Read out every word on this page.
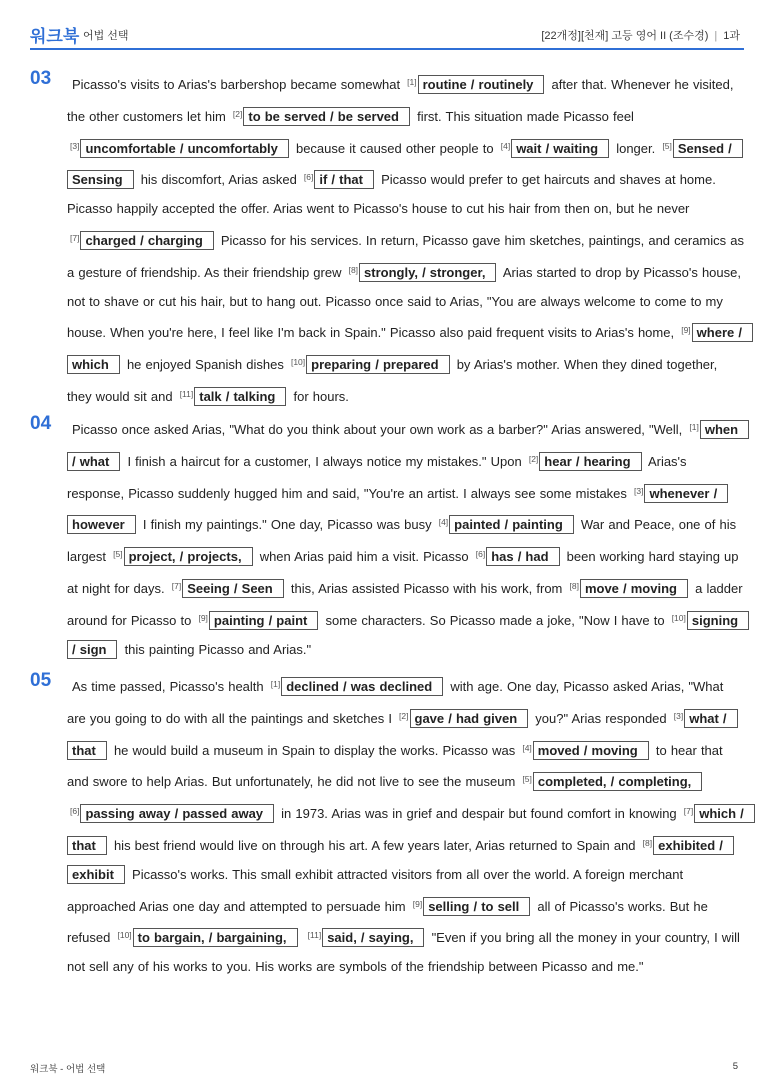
워크북 어법 선택	[22개정][천재] 고등 영어 II (조수경) | 1과
03	Picasso's visits to Arias's barbershop became somewhat [1] routine / routinely after that. Whenever he visited, the other customers let him [2] to be served / be served first. This situation made Picasso feel [3] uncomfortable / uncomfortably because it caused other people to [4] wait / waiting longer. [5] Sensed / Sensing his discomfort, Arias asked [6] if / that Picasso would prefer to get haircuts and shaves at home. Picasso happily accepted the offer. Arias went to Picasso's house to cut his hair from then on, but he never [7] charged / charging Picasso for his services. In return, Picasso gave him sketches, paintings, and ceramics as a gesture of friendship. As their friendship grew [8] strongly, / stronger, Arias started to drop by Picasso's house, not to shave or cut his hair, but to hang out. Picasso once said to Arias, "You are always welcome to come to my house. When you're here, I feel like I'm back in Spain." Picasso also paid frequent visits to Arias's home, [9] where / which he enjoyed Spanish dishes [10] preparing / prepared by Arias's mother. When they dined together, they would sit and [11] talk / talking for hours.
04	Picasso once asked Arias, "What do you think about your own work as a barber?" Arias answered, "Well, [1] when / what I finish a haircut for a customer, I always notice my mistakes." Upon [2] hear / hearing Arias's response, Picasso suddenly hugged him and said, "You're an artist. I always see some mistakes [3] whenever / however I finish my paintings." One day, Picasso was busy [4] painted / painting War and Peace, one of his largest [5] project, / projects, when Arias paid him a visit. Picasso [6] has / had been working hard staying up at night for days. [7] Seeing / Seen this, Arias assisted Picasso with his work, from [8] move / moving a ladder around for Picasso to [9] painting / paint some characters. So Picasso made a joke, "Now I have to [10] signing / sign this painting Picasso and Arias."
05	As time passed, Picasso's health [1] declined / was declined with age. One day, Picasso asked Arias, "What are you going to do with all the paintings and sketches I [2] gave / had given you?" Arias responded [3] what / that he would build a museum in Spain to display the works. Picasso was [4] moved / moving to hear that and swore to help Arias. But unfortunately, he did not live to see the museum [5] completed, / completing, [6] passing away / passed away in 1973. Arias was in grief and despair but found comfort in knowing [7] which / that his best friend would live on through his art. A few years later, Arias returned to Spain and [8] exhibited / exhibit Picasso's works. This small exhibit attracted visitors from all over the world. A foreign merchant approached Arias one day and attempted to persuade him [9] selling / to sell all of Picasso's works. But he refused [10] to bargain, / bargaining, [11] said, / saying, "Even if you bring all the money in your country, I will not sell any of his works to you. His works are symbols of the friendship between Picasso and me."
워크북 - 어법 선택	5
